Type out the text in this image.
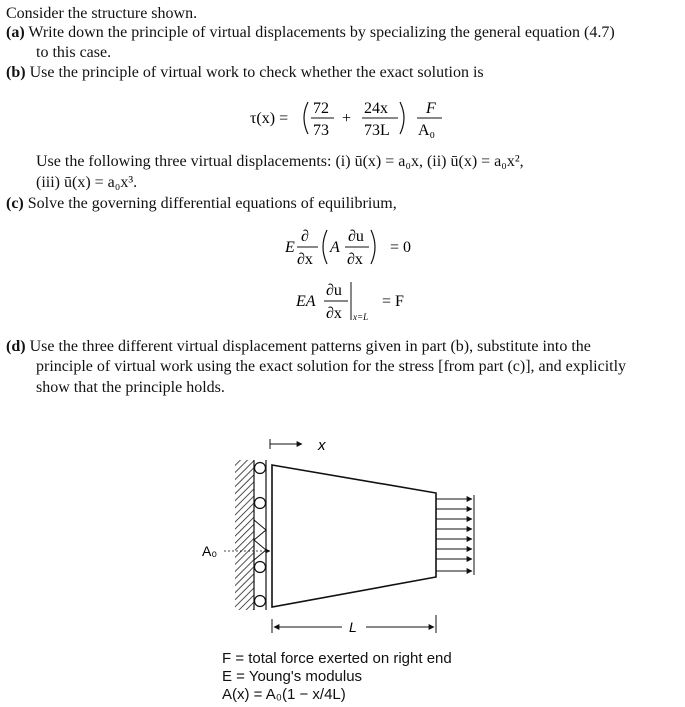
Consider the structure shown.
(a) Write down the principle of virtual displacements by specializing the general equation (4.7)
to this case.
(b) Use the principle of virtual work to check whether the exact solution is
τ(x) =
72
73
+
24x
73L
F
A₀
Use the following three virtual displacements: (i) ū(x) = a₀x, (ii) ū(x) = a₀x²,
(iii) ū(x) = a₀x³.
(c) Solve the governing differential equations of equilibrium,
E
∂
∂x
A
∂u
∂x
= 0
EA
∂u
∂x x=L
= F
(d) Use the three different virtual displacement patterns given in part (b), substitute into the
principle of virtual work using the exact solution for the stress [from part (c)], and explicitly
show that the principle holds.
x
A₀
L
F = total force exerted on right end
E = Young's modulus
A(x) = A₀(1 − x/4L)
